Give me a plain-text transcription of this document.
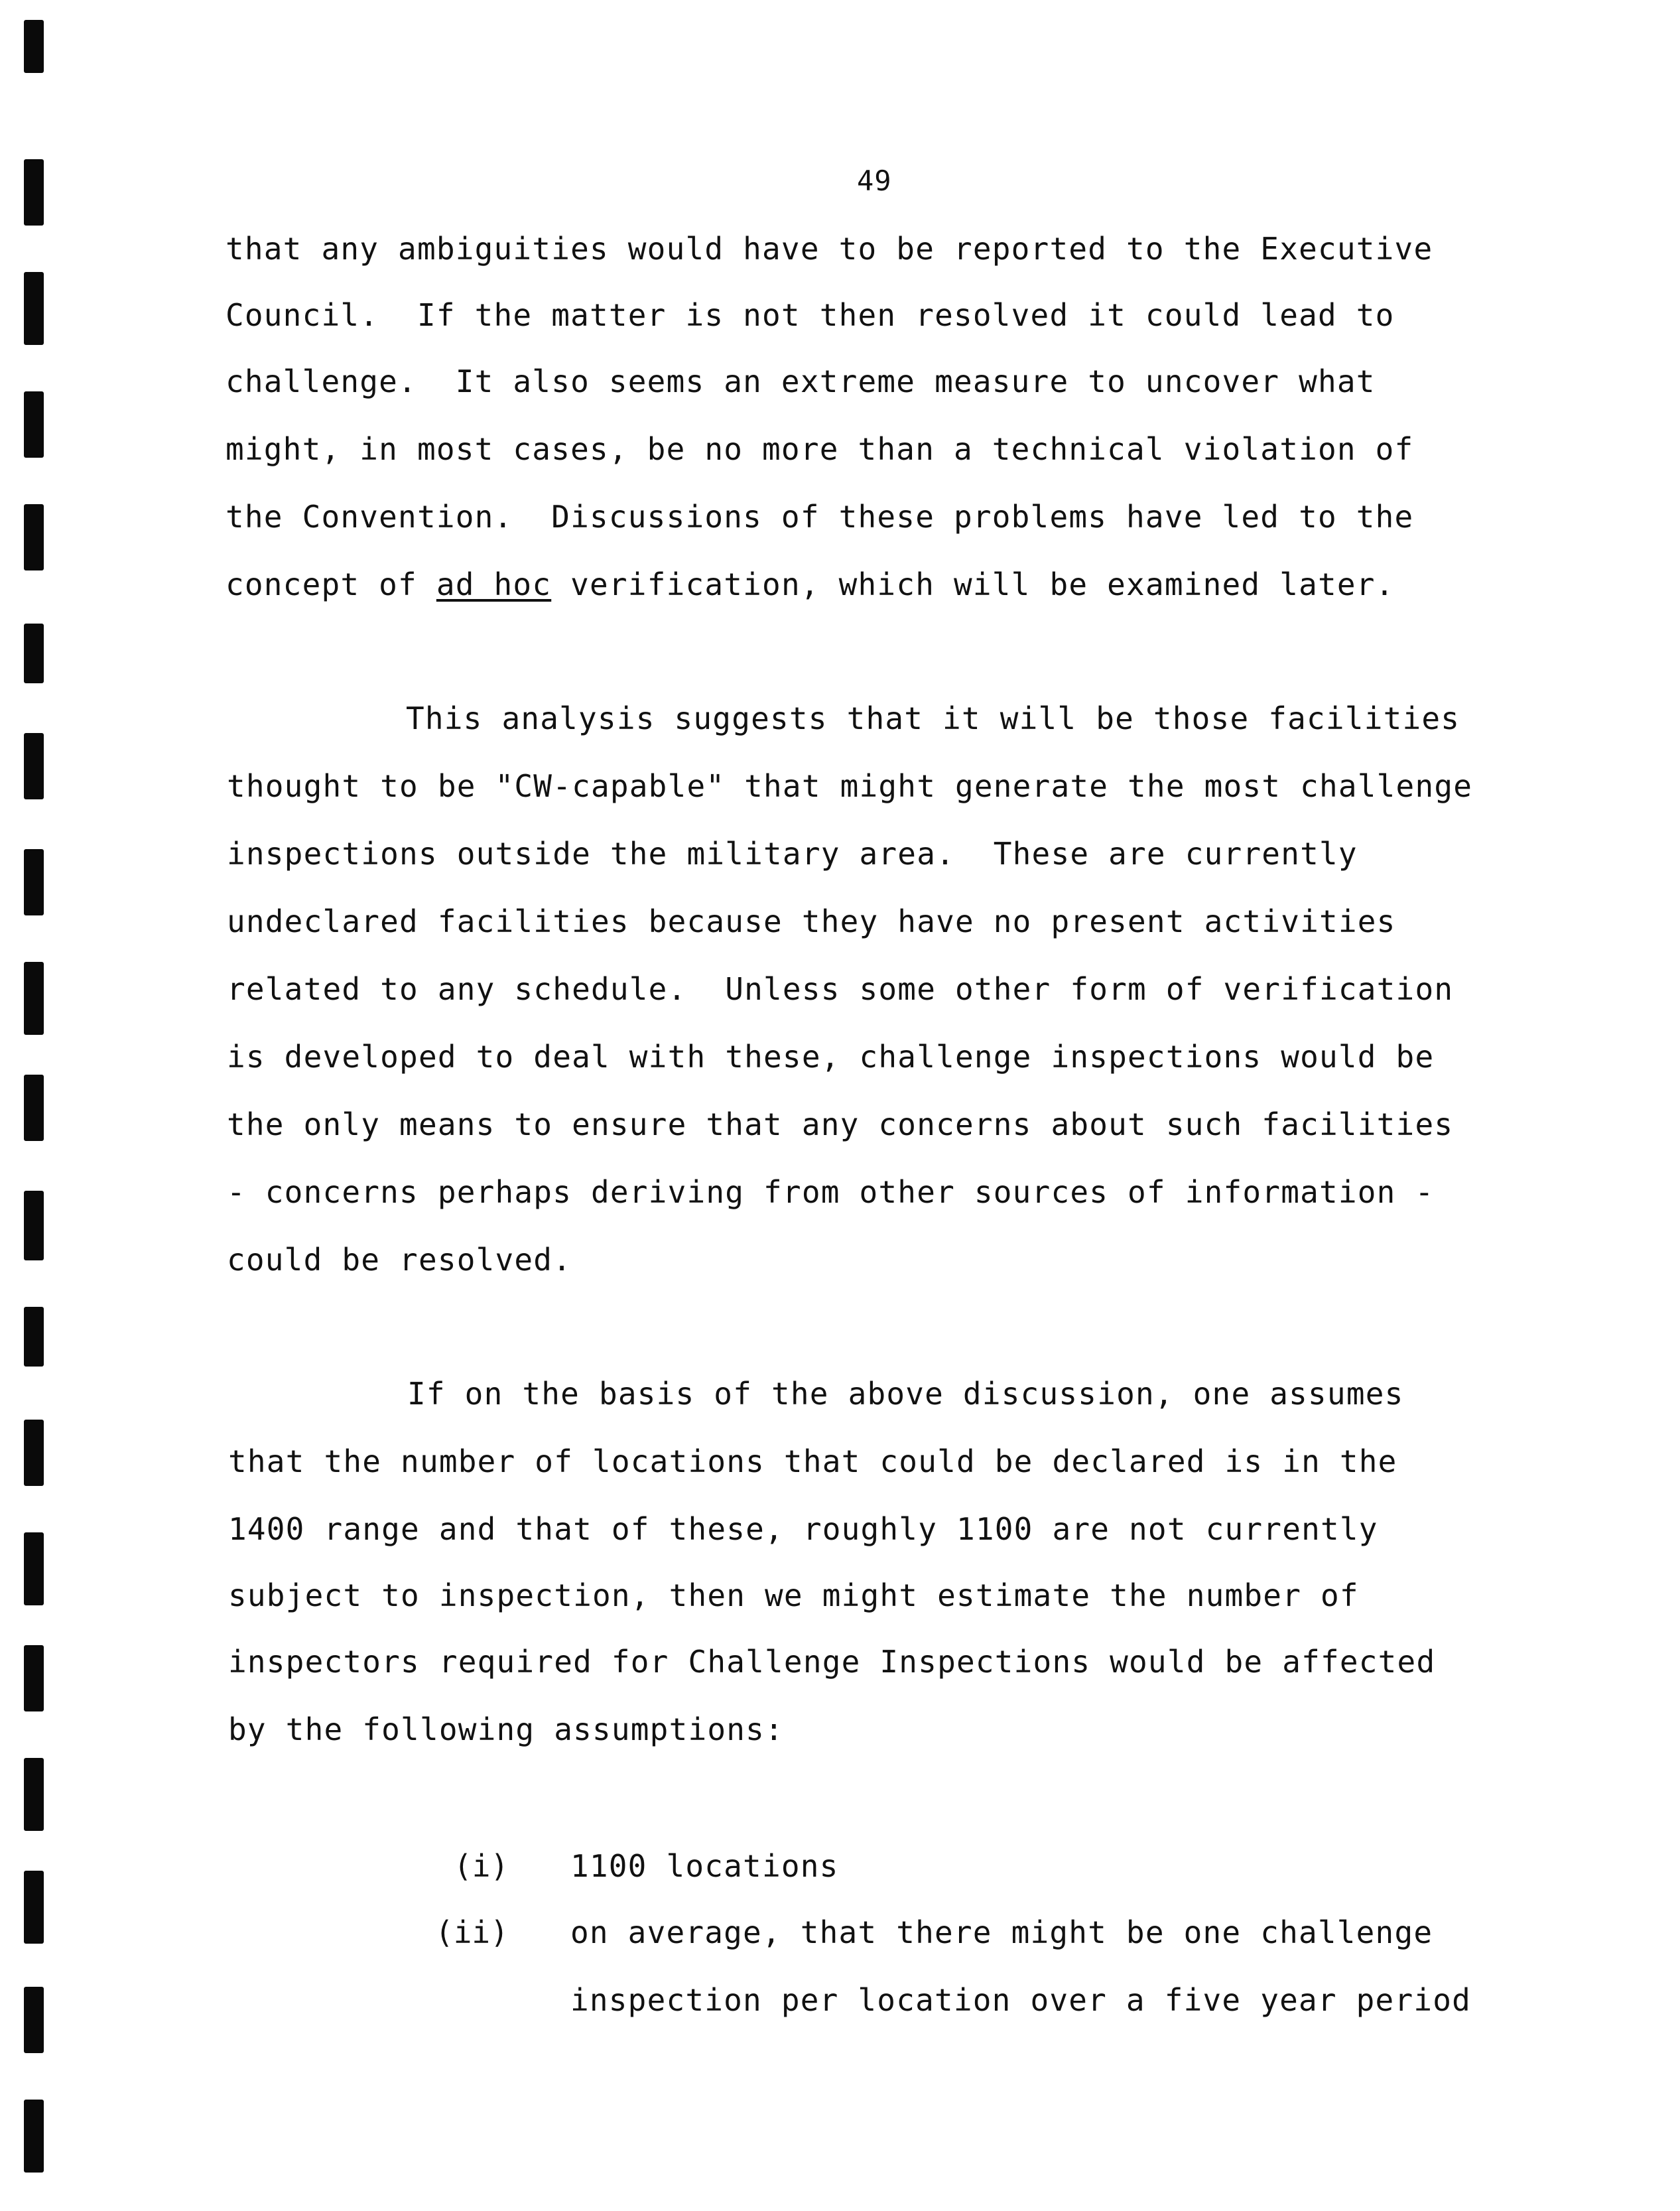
49
that any ambiguities would have to be reported to the Executive
Council.  If the matter is not then resolved it could lead to
challenge.  It also seems an extreme measure to uncover what
might, in most cases, be no more than a technical violation of
the Convention.  Discussions of these problems have led to the
concept of ad hoc verification, which will be examined later.
This analysis suggests that it will be those facilities
thought to be "CW-capable" that might generate the most challenge
inspections outside the military area.  These are currently
undeclared facilities because they have no present activities
related to any schedule.  Unless some other form of verification
is developed to deal with these, challenge inspections would be
the only means to ensure that any concerns about such facilities
- concerns perhaps deriving from other sources of information -
could be resolved.
If on the basis of the above discussion, one assumes
that the number of locations that could be declared is in the
1400 range and that of these, roughly 1100 are not currently
subject to inspection, then we might estimate the number of
inspectors required for Challenge Inspections would be affected
by the following assumptions:
(i) 1100 locations
(ii) on average, that there might be one challenge
inspection per location over a five year period
